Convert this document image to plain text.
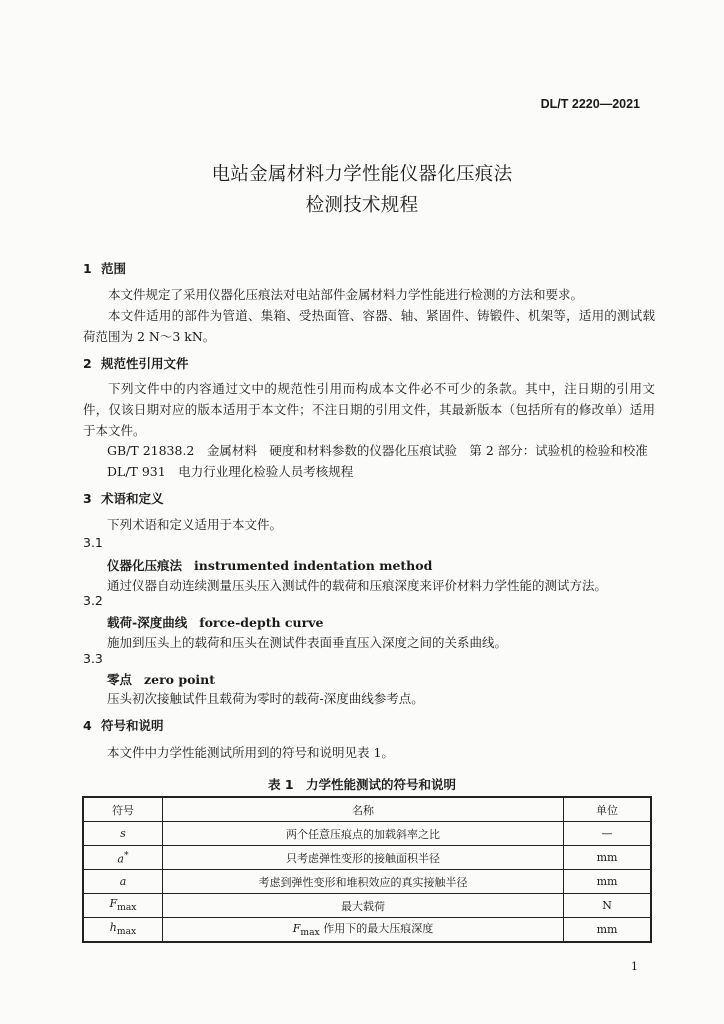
DL/T 2220—2021
电站金属材料力学性能仪器化压痕法
检测技术规程
1 范围
本文件规定了采用仪器化压痕法对电站部件金属材料力学性能进行检测的方法和要求。
本文件适用的部件为管道、集箱、受热面管、容器、轴、紧固件、铸锻件、机架等，适用的测试载荷范围为 2 N～3 kN。
2 规范性引用文件
下列文件中的内容通过文中的规范性引用而构成本文件必不可少的条款。其中，注日期的引用文件，仅该日期对应的版本适用于本文件；不注日期的引用文件，其最新版本（包括所有的修改单）适用于本文件。
GB/T 21838.2　金属材料　硬度和材料参数的仪器化压痕试验　第 2 部分：试验机的检验和校准
DL/T 931　电力行业理化检验人员考核规程
3 术语和定义
下列术语和定义适用于本文件。
3.1
仪器化压痕法 instrumented indentation method
通过仪器自动连续测量压头压入测试件的载荷和压痕深度来评价材料力学性能的测试方法。
3.2
载荷-深度曲线 force-depth curve
施加到压头上的载荷和压头在测试件表面垂直压入深度之间的关系曲线。
3.3
零点 zero point
压头初次接触试件且载荷为零时的载荷-深度曲线参考点。
4 符号和说明
本文件中力学性能测试所用到的符号和说明见表 1。
表 1　力学性能测试的符号和说明
符号	名称	单位
s	两个任意压痕点的加载斜率之比	—
a*	只考虑弹性变形的接触面积半径	mm
a	考虑到弹性变形和堆积效应的真实接触半径	mm
$F_{max}$	最大载荷	N
$h_{max}$	$F_{max}$ 作用下的最大压痕深度	mm
1
